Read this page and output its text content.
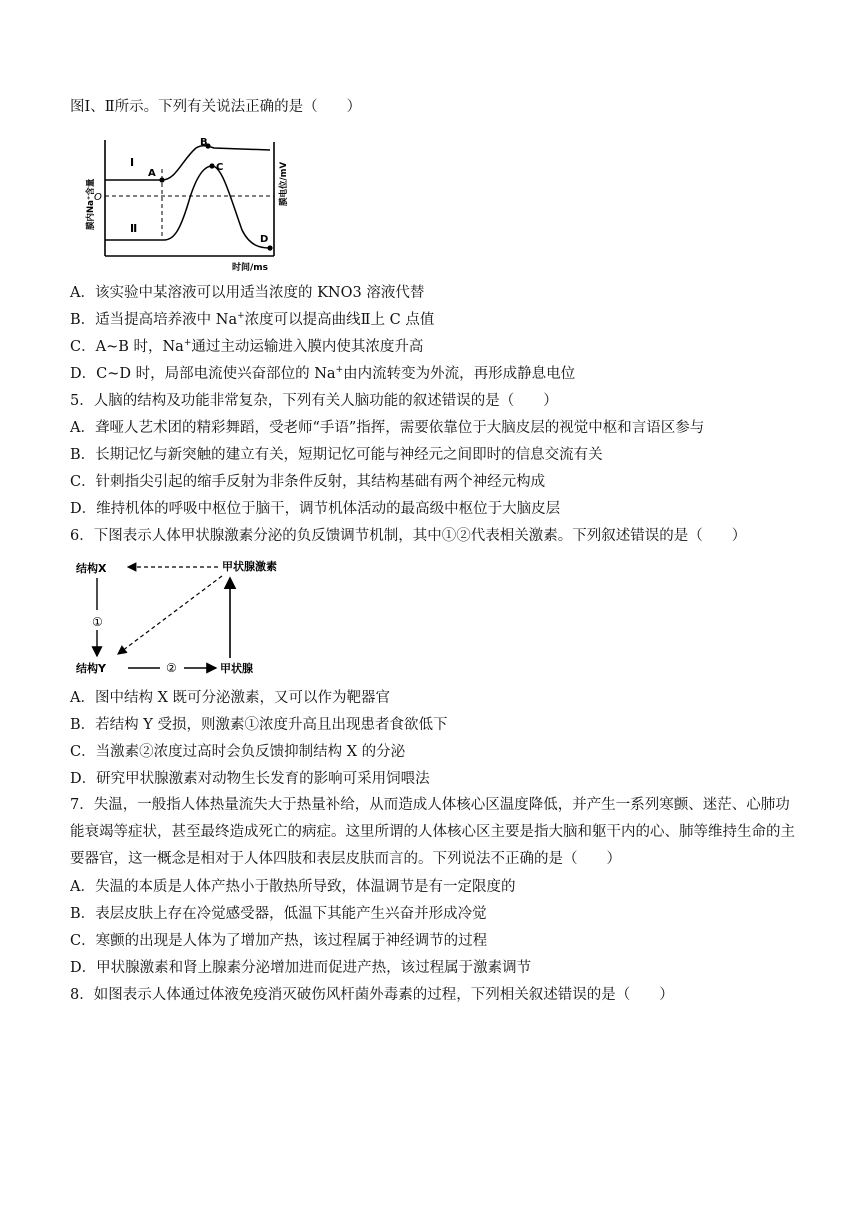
图Ⅰ、Ⅱ所示。下列有关说法正确的是（　　）
Ⅰ
Ⅱ
A
B
C
D
O
时间/ms
膜内Na⁺含量	膜电位/mV
A．该实验中某溶液可以用适当浓度的 KNO3 溶液代替
B．适当提高培养液中 Na+浓度可以提高曲线Ⅱ上 C 点值
C．A~B 时，Na+通过主动运输进入膜内使其浓度升高
D．C~D 时，局部电流使兴奋部位的 Na+由内流转变为外流，再形成静息电位
5．人脑的结构及功能非常复杂，下列有关人脑功能的叙述错误的是（　　）
A．聋哑人艺术团的精彩舞蹈，受老师“手语”指挥，需要依靠位于大脑皮层的视觉中枢和言语区参与
B．长期记忆与新突触的建立有关，短期记忆可能与神经元之间即时的信息交流有关
C．针刺指尖引起的缩手反射为非条件反射，其结构基础有两个神经元构成
D．维持机体的呼吸中枢位于脑干，调节机体活动的最高级中枢位于大脑皮层
6．下图表示人体甲状腺激素分泌的负反馈调节机制，其中①②代表相关激素。下列叙述错误的是（　　）
结构X	甲状腺激素
结构Y	甲状腺
①
②
A．图中结构 X 既可分泌激素，又可以作为靶器官
B．若结构 Y 受损，则激素①浓度升高且出现患者食欲低下
C．当激素②浓度过高时会负反馈抑制结构 X 的分泌
D．研究甲状腺激素对动物生长发育的影响可采用饲喂法
7．失温，一般指人体热量流失大于热量补给，从而造成人体核心区温度降低，并产生一系列寒颤、迷茫、心肺功能衰竭等症状，甚至最终造成死亡的病症。这里所谓的人体核心区主要是指大脑和躯干内的心、肺等维持生命的主要器官，这一概念是相对于人体四肢和表层皮肤而言的。下列说法不正确的是（　　）
A．失温的本质是人体产热小于散热所导致，体温调节是有一定限度的
B．表层皮肤上存在冷觉感受器，低温下其能产生兴奋并形成冷觉
C．寒颤的出现是人体为了增加产热，该过程属于神经调节的过程
D．甲状腺激素和肾上腺素分泌增加进而促进产热，该过程属于激素调节
8．如图表示人体通过体液免疫消灭破伤风杆菌外毒素的过程，下列相关叙述错误的是（　　）
